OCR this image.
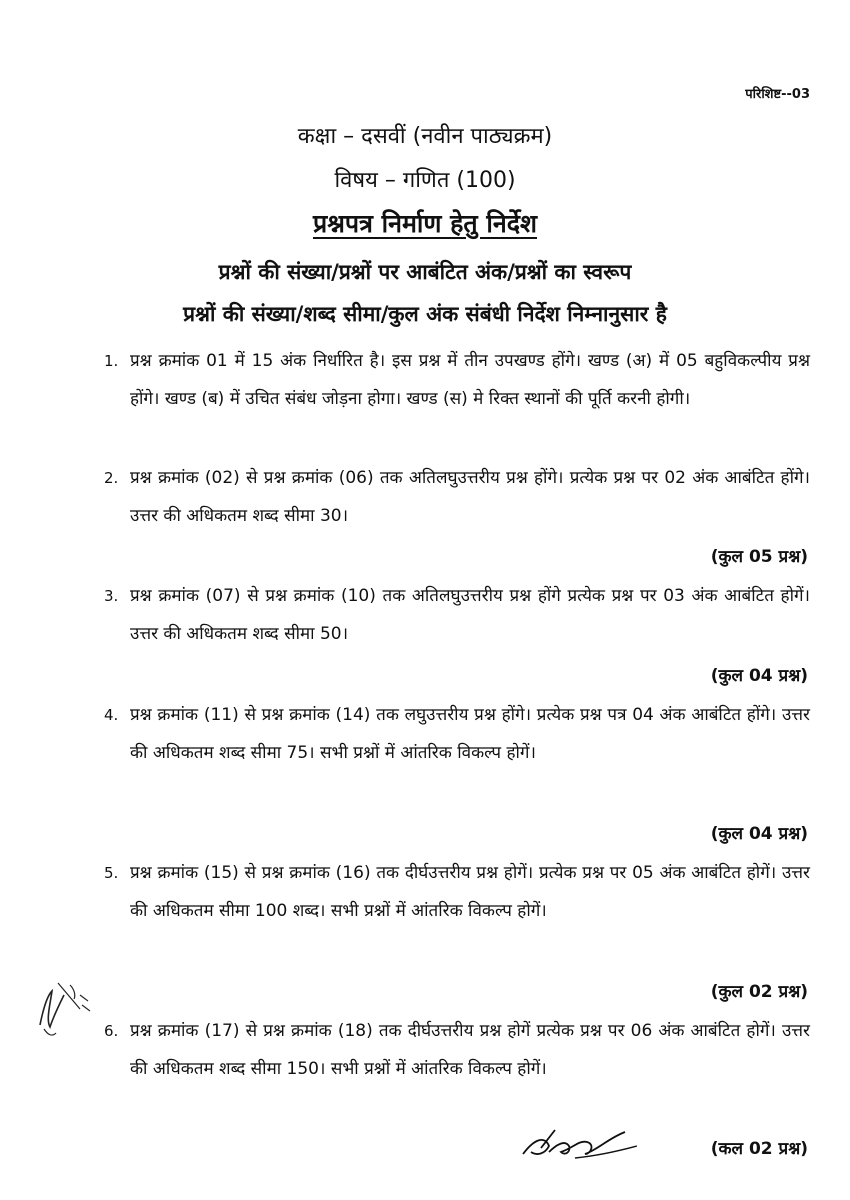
परिशिष्ट--03
कक्षा – दसवीं (नवीन पाठ्यक्रम)
विषय – गणित (100)
प्रश्नपत्र निर्माण हेतु निर्देश
प्रश्नों की संख्या/प्रश्नों पर आबंटित अंक/प्रश्नों का स्वरूप
प्रश्नों की संख्या/शब्द सीमा/कुल अंक संबंधी निर्देश निम्नानुसार है
1. प्रश्न क्रमांक 01 में 15 अंक निर्धारित है। इस प्रश्न में तीन उपखण्ड होंगे। खण्ड (अ) में 05 बहुविकल्पीय प्रश्न होंगे। खण्ड (ब) में उचित संबंध जोड़ना होगा। खण्ड (स) मे रिक्त स्थानों की पूर्ति करनी होगी।
2. प्रश्न क्रमांक (02) से प्रश्न क्रमांक (06) तक अतिलघुउत्तरीय प्रश्न होंगे। प्रत्येक प्रश्न पर 02 अंक आबंटित होंगे। उत्तर की अधिकतम शब्द सीमा 30।
(कुल 05 प्रश्न)
3. प्रश्न क्रमांक (07) से प्रश्न क्रमांक (10) तक अतिलघुउत्तरीय प्रश्न होंगे प्रत्येक प्रश्न पर 03 अंक आबंटित होगें। उत्तर की अधिकतम शब्द सीमा 50।
(कुल 04 प्रश्न)
4. प्रश्न क्रमांक (11) से प्रश्न क्रमांक (14) तक लघुउत्तरीय प्रश्न होंगे। प्रत्येक प्रश्न पत्र 04 अंक आबंटित होंगे। उत्तर की अधिकतम शब्द सीमा 75। सभी प्रश्नों में आंतरिक विकल्प होगें।
(कुल 04 प्रश्न)
5. प्रश्न क्रमांक (15) से प्रश्न क्रमांक (16) तक दीर्घउत्तरीय प्रश्न होगें। प्रत्येक प्रश्न पर 05 अंक आबंटित होगें। उत्तर की अधिकतम सीमा 100 शब्द। सभी प्रश्नों में आंतरिक विकल्प होगें।
(कुल 02 प्रश्न)
6. प्रश्न क्रमांक (17) से प्रश्न क्रमांक (18) तक दीर्घउत्तरीय प्रश्न होगें प्रत्येक प्रश्न पर 06 अंक आबंटित होगें। उत्तर की अधिकतम शब्द सीमा 150। सभी प्रश्नों में आंतरिक विकल्प होगें।
(कल 02 प्रश्न)
